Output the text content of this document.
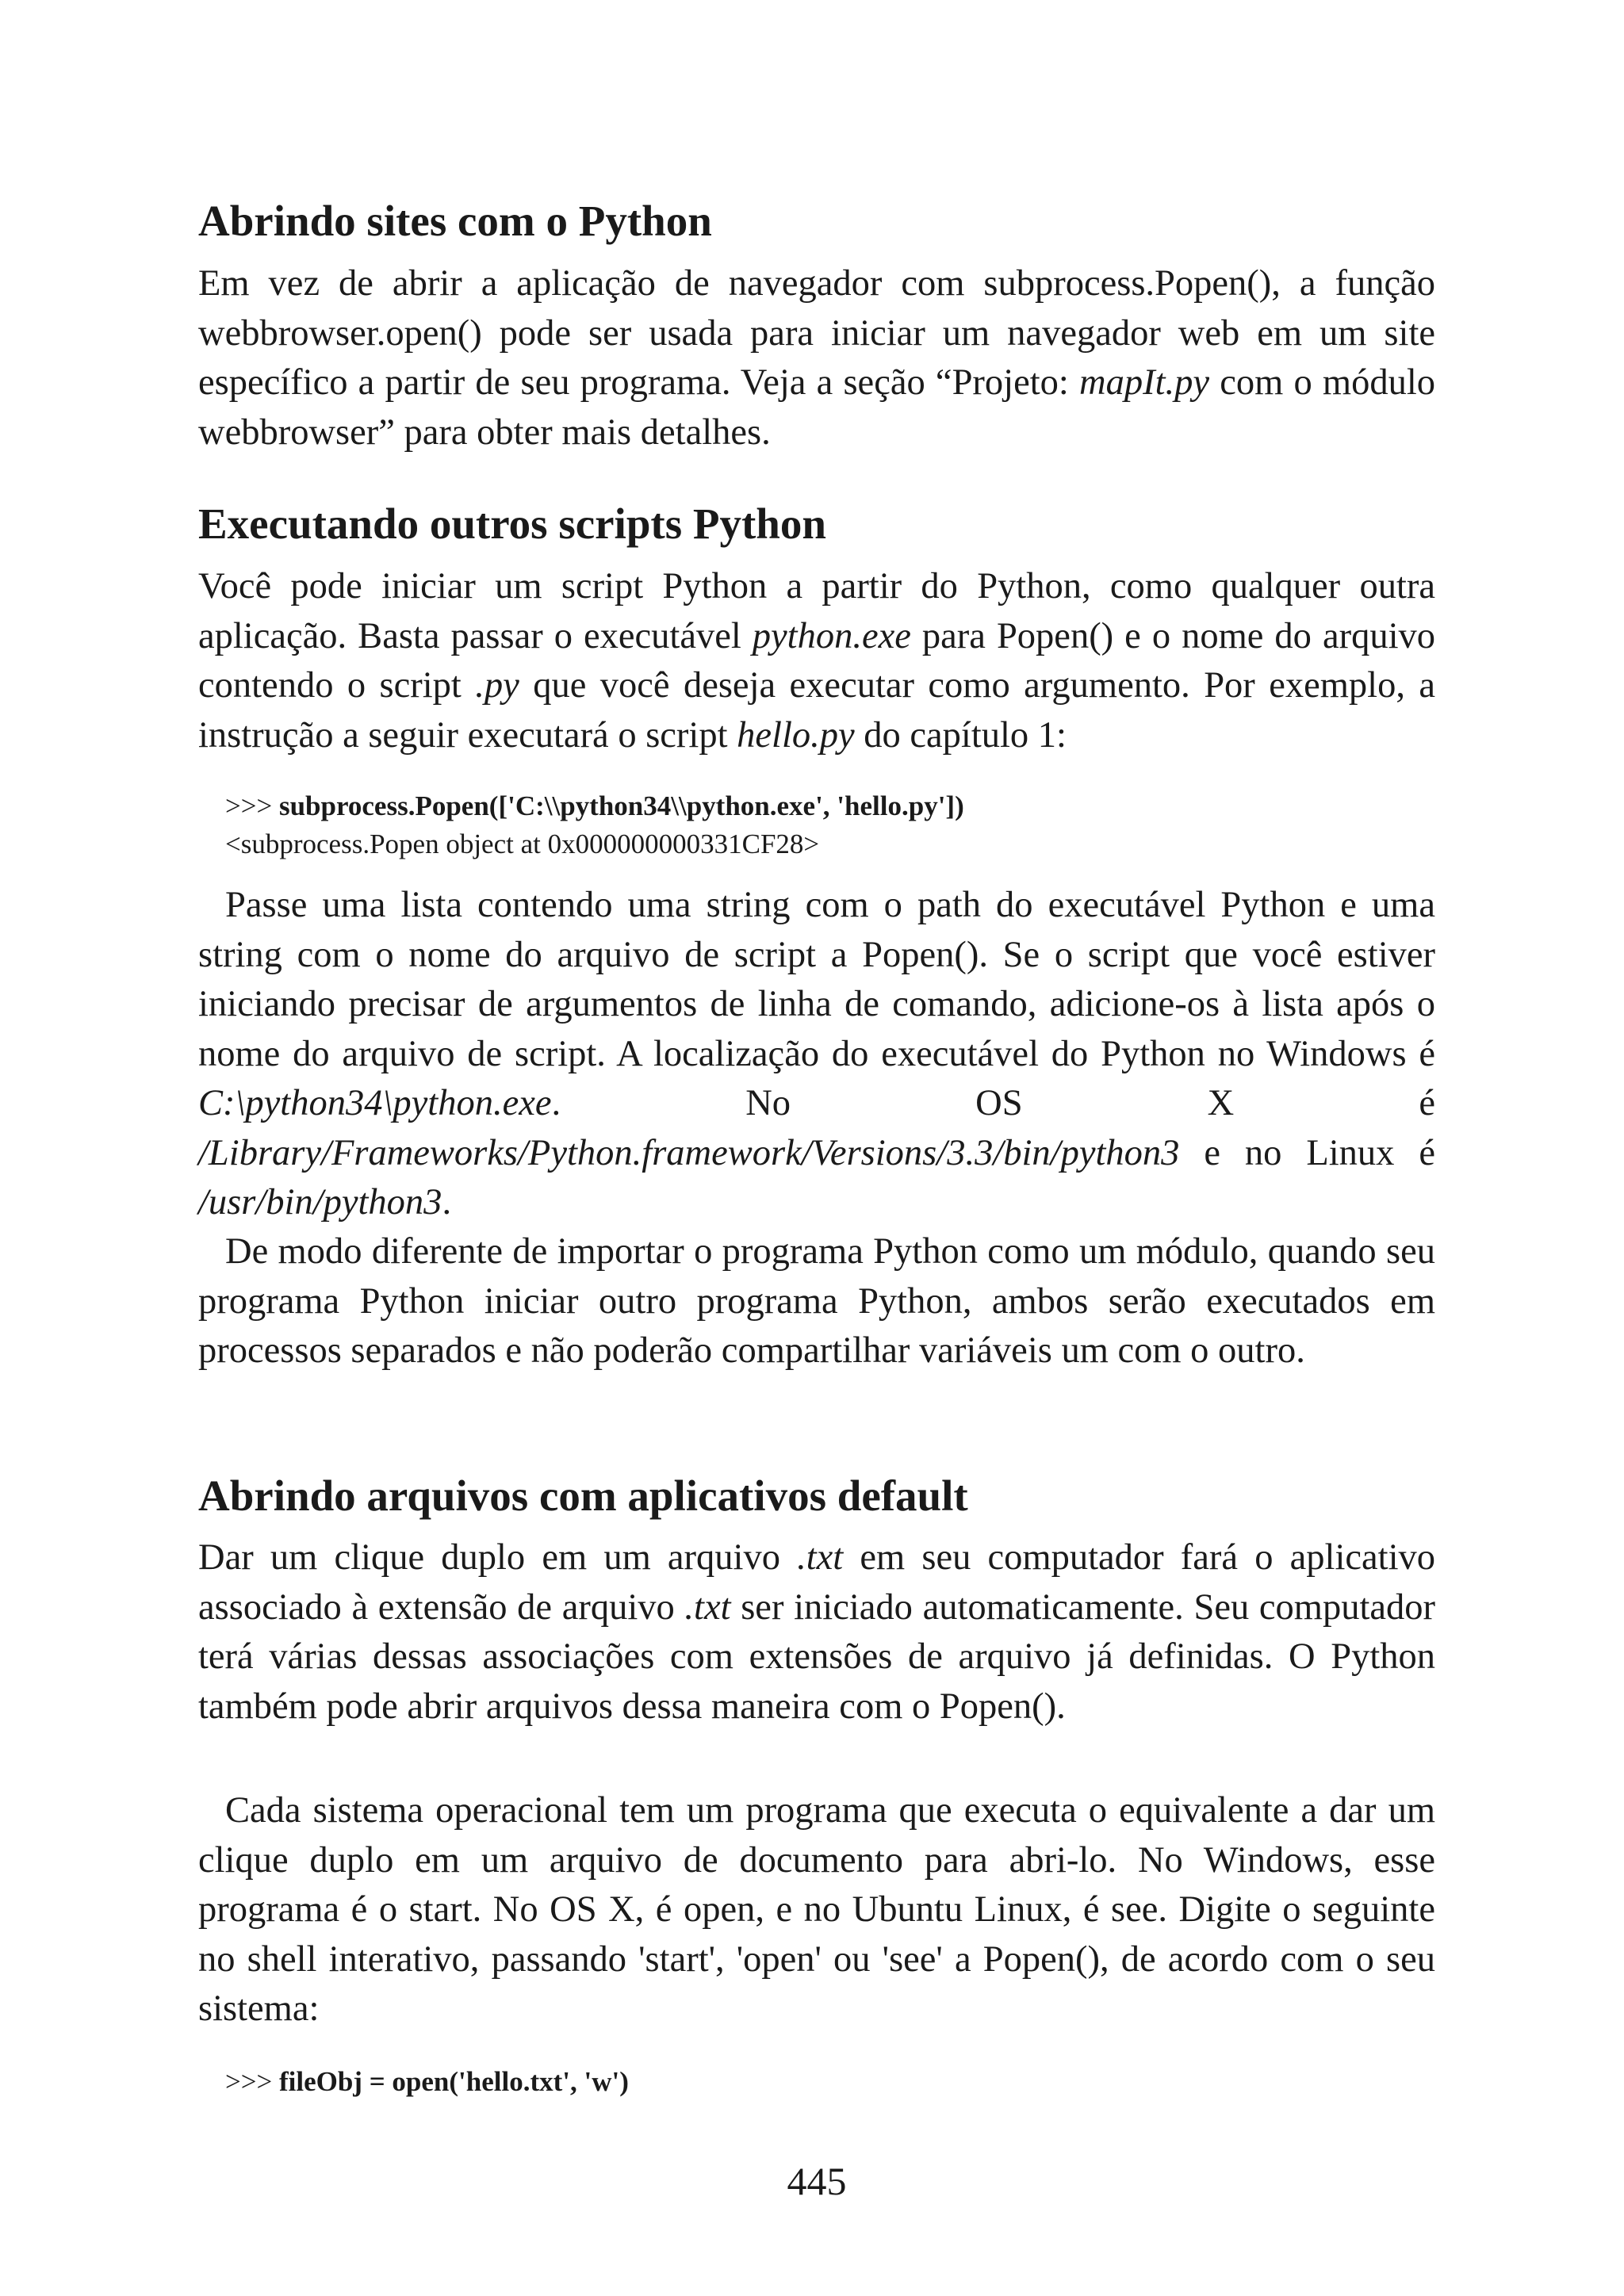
Abrindo sites com o Python

Em vez de abrir a aplicação de navegador com subprocess.Popen(), a função webbrowser.open() pode ser usada para iniciar um navegador web em um site específico a partir de seu programa. Veja a seção “Projeto: mapIt.py com o módulo webbrowser” para obter mais detalhes.

Executando outros scripts Python

Você pode iniciar um script Python a partir do Python, como qualquer outra aplicação. Basta passar o executável python.exe para Popen() e o nome do arquivo contendo o script .py que você deseja executar como argumento. Por exemplo, a instrução a seguir executará o script hello.py do capítulo 1:

>>> subprocess.Popen(['C:\\python34\\python.exe', 'hello.py'])
<subprocess.Popen object at 0x000000000331CF28>

Passe uma lista contendo uma string com o path do executável Python e uma string com o nome do arquivo de script a Popen(). Se o script que você estiver iniciando precisar de argumentos de linha de comando, adicione-os à lista após o nome do arquivo de script. A localização do executável do Python no Windows é C:\python34\python.exe. No OS X é /Library/Frameworks/Python.framework/Versions/3.3/bin/python3 e no Linux é /usr/bin/python3.

De modo diferente de importar o programa Python como um módulo, quando seu programa Python iniciar outro programa Python, ambos serão executados em processos separados e não poderão compartilhar variáveis um com o outro.

Abrindo arquivos com aplicativos default

Dar um clique duplo em um arquivo .txt em seu computador fará o aplicativo associado à extensão de arquivo .txt ser iniciado automaticamente. Seu computador terá várias dessas associações com extensões de arquivo já definidas. O Python também pode abrir arquivos dessa maneira com o Popen().

Cada sistema operacional tem um programa que executa o equivalente a dar um clique duplo em um arquivo de documento para abri-lo. No Windows, esse programa é o start. No OS X, é open, e no Ubuntu Linux, é see. Digite o seguinte no shell interativo, passando 'start', 'open' ou 'see' a Popen(), de acordo com o seu sistema:

>>> fileObj = open('hello.txt', 'w')
445
